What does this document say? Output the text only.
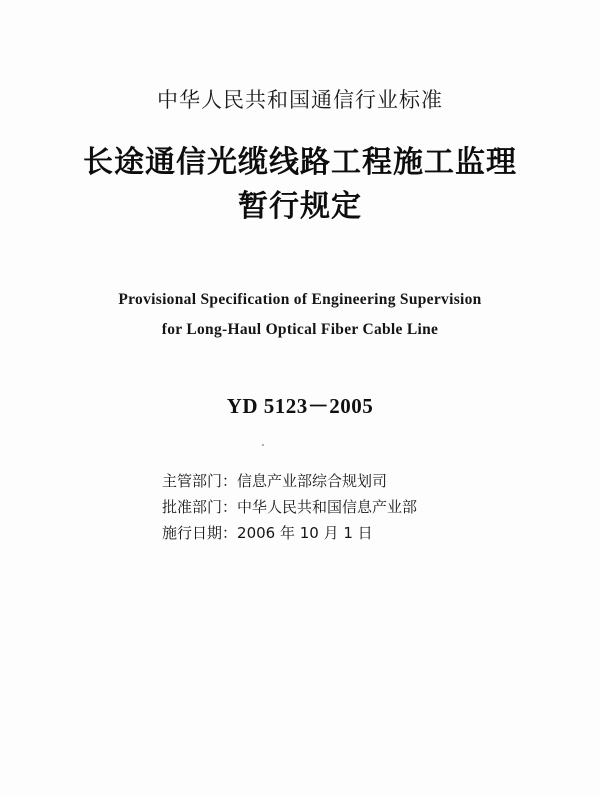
中华人民共和国通信行业标准
长途通信光缆线路工程施工监理
暂行规定
Provisional Specification of Engineering Supervision
for Long-Haul Optical Fiber Cable Line
YD 5123－2005
主管部门：信息产业部综合规划司
批准部门：中华人民共和国信息产业部
施行日期：2006 年 10 月 1 日
